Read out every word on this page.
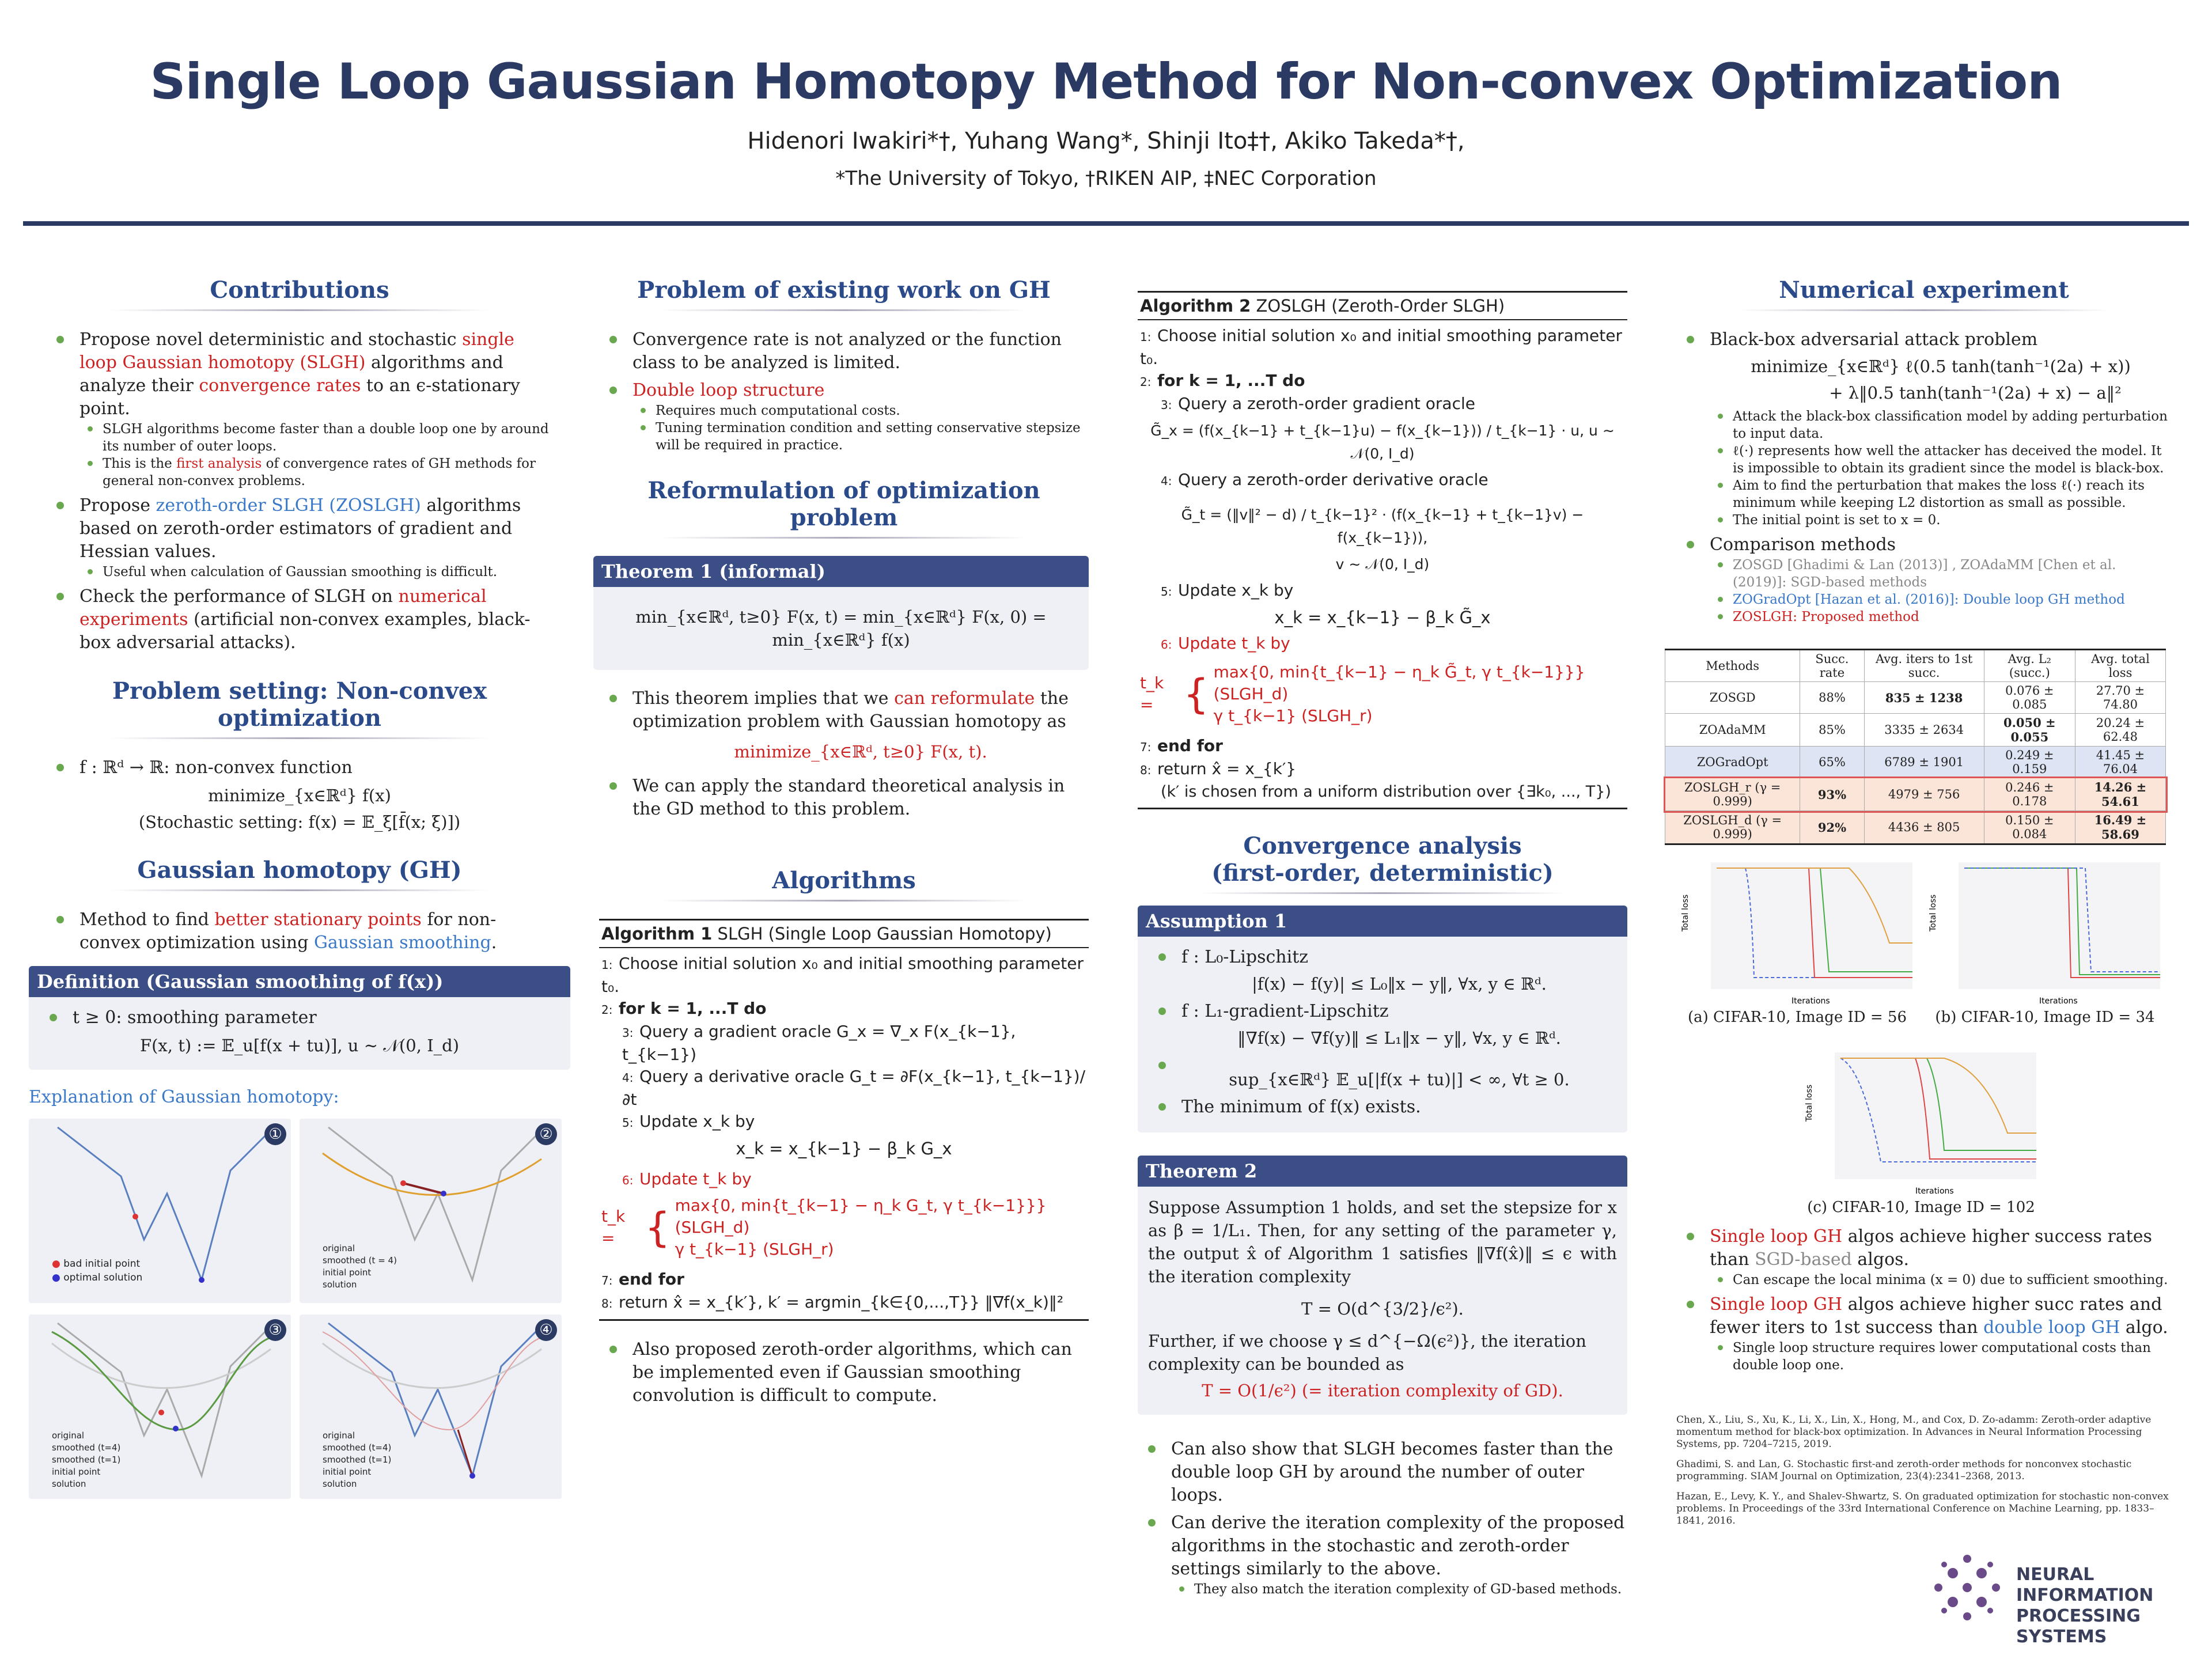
Single Loop Gaussian Homotopy Method for Non-convex Optimization
Hidenori Iwakiri*†, Yuhang Wang*, Shinji Ito‡†, Akiko Takeda*†,
*The University of Tokyo, †RIKEN AIP, ‡NEC Corporation
Contributions
Propose novel deterministic and stochastic single loop Gaussian homotopy (SLGH) algorithms and analyze their convergence rates to an ϵ-stationary point.
SLGH algorithms become faster than a double loop one by around its number of outer loops.
This is the first analysis of convergence rates of GH methods for general non-convex problems.
Propose zeroth-order SLGH (ZOSLGH) algorithms based on zeroth-order estimators of gradient and Hessian values.
Useful when calculation of Gaussian smoothing is difficult.
Check the performance of SLGH on numerical experiments (artificial non-convex examples, black-box adversarial attacks).
Problem setting: Non-convex optimization
f : ℝᵈ → ℝ: non-convex function
minimize_{x∈ℝᵈ} f(x)
(Stochastic setting: f(x) = 𝔼_ξ[f̄(x; ξ)])
Gaussian homotopy (GH)
Method to find better stationary points for non-convex optimization using Gaussian smoothing.
Definition (Gaussian smoothing of f(x))
t ≥ 0: smoothing parameter
F(x, t) := 𝔼_u[f(x + tu)], u ∼ 𝒩(0, I_d)
Explanation of Gaussian homotopy:
①
● bad initial point
● optimal solution
②
original
smoothed (t = 4)
initial point
solution
③
original
smoothed (t=4)
smoothed (t=1)
initial point
solution
④
original
smoothed (t=4)
smoothed (t=1)
initial point
solution
Problem of existing work on GH
Convergence rate is not analyzed or the function class to be analyzed is limited.
Double loop structure
Requires much computational costs.
Tuning termination condition and setting conservative stepsize will be required in practice.
Reformulation of optimization problem
Theorem 1 (informal)
min_{x∈ℝᵈ, t≥0} F(x, t) = min_{x∈ℝᵈ} F(x, 0) = min_{x∈ℝᵈ} f(x)
This theorem implies that we can reformulate the optimization problem with Gaussian homotopy as
minimize_{x∈ℝᵈ, t≥0} F(x, t).
We can apply the standard theoretical analysis in the GD method to this problem.
Algorithms
Algorithm 1 SLGH (Single Loop Gaussian Homotopy)
1: Choose initial solution x₀ and initial smoothing parameter t₀.
2: for k = 1, ...T do
3: Query a gradient oracle G_x = ∇_x F(x_{k−1}, t_{k−1})
4: Query a derivative oracle G_t = ∂F(x_{k−1}, t_{k−1})/∂t
5: Update x_k by
x_k = x_{k−1} − β_k G_x
6: Update t_k by
t_k = { max{0, min{t_{k−1} − η_k G_t, γ t_{k−1}}} (SLGH_d)
γ t_{k−1} (SLGH_r)
7: end for
8: return x̂ = x_{k′}, k′ = argmin_{k∈{0,...,T}} ‖∇f(x_k)‖²
Also proposed zeroth-order algorithms, which can be implemented even if Gaussian smoothing convolution is difficult to compute.
Algorithm 2 ZOSLGH (Zeroth-Order SLGH)
1: Choose initial solution x₀ and initial smoothing parameter t₀.
2: for k = 1, ...T do
3: Query a zeroth-order gradient oracle
G̃_x = (f(x_{k−1} + t_{k−1}u) − f(x_{k−1})) / t_{k−1} · u, u ∼ 𝒩(0, I_d)
4: Query a zeroth-order derivative oracle
G̃_t = (‖v‖² − d) / t_{k−1}² · (f(x_{k−1} + t_{k−1}v) − f(x_{k−1})),
v ∼ 𝒩(0, I_d)
5: Update x_k by
x_k = x_{k−1} − β_k G̃_x
6: Update t_k by
t_k = { max{0, min{t_{k−1} − η_k G̃_t, γ t_{k−1}}} (SLGH_d)
γ t_{k−1} (SLGH_r)
7: end for
8: return x̂ = x_{k′}
(k′ is chosen from a uniform distribution over {∃k₀, ..., T})
Convergence analysis
(first-order, deterministic)
Assumption 1
f : L₀-Lipschitz
|f(x) − f(y)| ≤ L₀‖x − y‖, ∀x, y ∈ ℝᵈ.
f : L₁-gradient-Lipschitz
‖∇f(x) − ∇f(y)‖ ≤ L₁‖x − y‖, ∀x, y ∈ ℝᵈ.
sup_{x∈ℝᵈ} 𝔼_u[|f(x + tu)|] < ∞, ∀t ≥ 0.
The minimum of f(x) exists.
Theorem 2
Suppose Assumption 1 holds, and set the stepsize for x as β = 1/L₁. Then, for any setting of the parameter γ, the output x̂ of Algorithm 1 satisfies ‖∇f(x̂)‖ ≤ ϵ with the iteration complexity
T = O(d^{3/2}/ϵ²).
Further, if we choose γ ≤ d^{−Ω(ϵ²)}, the iteration complexity can be bounded as
T = O(1/ϵ²) (= iteration complexity of GD).
Can also show that SLGH becomes faster than the double loop GH by around the number of outer loops.
Can derive the iteration complexity of the proposed algorithms in the stochastic and zeroth-order settings similarly to the above.
They also match the iteration complexity of GD-based methods.
Numerical experiment
Black-box adversarial attack problem
minimize_{x∈ℝᵈ} ℓ(0.5 tanh(tanh⁻¹(2a) + x))
+ λ‖0.5 tanh(tanh⁻¹(2a) + x) − a‖²
Attack the black-box classification model by adding perturbation to input data.
ℓ(·) represents how well the attacker has deceived the model. It is impossible to obtain its gradient since the model is black-box.
Aim to find the perturbation that makes the loss ℓ(·) reach its minimum while keeping L2 distortion as small as possible.
The initial point is set to x = 0.
Comparison methods
ZOSGD [Ghadimi & Lan (2013)] , ZOAdaMM [Chen et al. (2019)]: SGD-based methods
ZOGradOpt [Hazan et al. (2016)]: Double loop GH method
ZOSLGH: Proposed method
Methods	Succ. rate	Avg. iters to 1st succ.	Avg. L₂ (succ.)	Avg. total loss
ZOSGD	88%	835 ± 1238	0.076 ± 0.085	27.70 ± 74.80
ZOAdaMM	85%	3335 ± 2634	0.050 ± 0.055	20.24 ± 62.48
ZOGradOpt	65%	6789 ± 1901	0.249 ± 0.159	41.45 ± 76.04
ZOSLGH_r (γ = 0.999)	93%	4979 ± 756	0.246 ± 0.178	14.26 ± 54.61
ZOSLGH_d (γ = 0.999)	92%	4436 ± 805	0.150 ± 0.084	16.49 ± 58.69
Total loss
Iterations
(a) CIFAR-10, Image ID = 56
Total loss
Iterations
(b) CIFAR-10, Image ID = 34
Total loss
Iterations
(c) CIFAR-10, Image ID = 102
Single loop GH algos achieve higher success rates than SGD-based algos.
Can escape the local minima (x = 0) due to sufficient smoothing.
Single loop GH algos achieve higher succ rates and fewer iters to 1st success than double loop GH algo.
Single loop structure requires lower computational costs than double loop one.
Chen, X., Liu, S., Xu, K., Li, X., Lin, X., Hong, M., and Cox, D. Zo-adamm: Zeroth-order adaptive momentum method for black-box optimization. In Advances in Neural Information Processing Systems, pp. 7204–7215, 2019.
Ghadimi, S. and Lan, G. Stochastic first-and zeroth-order methods for nonconvex stochastic programming. SIAM Journal on Optimization, 23(4):2341–2368, 2013.
Hazan, E., Levy, K. Y., and Shalev-Shwartz, S. On graduated optimization for stochastic non-convex problems. In Proceedings of the 33rd International Conference on Machine Learning, pp. 1833–1841, 2016.
NEURAL INFORMATION
PROCESSING SYSTEMS
